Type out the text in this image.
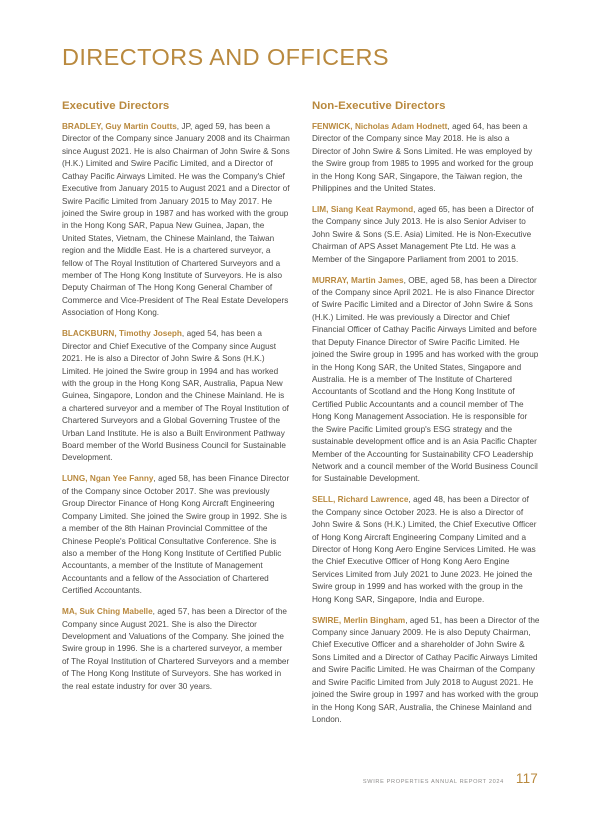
DIRECTORS AND OFFICERS
Executive Directors

BRADLEY, Guy Martin Coutts, JP, aged 59, has been a Director of the Company since January 2008 and its Chairman since August 2021. He is also Chairman of John Swire & Sons (H.K.) Limited and Swire Pacific Limited, and a Director of Cathay Pacific Airways Limited. He was the Company's Chief Executive from January 2015 to August 2021 and a Director of Swire Pacific Limited from January 2015 to May 2017. He joined the Swire group in 1987 and has worked with the group in the Hong Kong SAR, Papua New Guinea, Japan, the United States, Vietnam, the Chinese Mainland, the Taiwan region and the Middle East. He is a chartered surveyor, a fellow of The Royal Institution of Chartered Surveyors and a member of The Hong Kong Institute of Surveyors. He is also Deputy Chairman of The Hong Kong General Chamber of Commerce and Vice-President of The Real Estate Developers Association of Hong Kong.

BLACKBURN, Timothy Joseph, aged 54, has been a Director and Chief Executive of the Company since August 2021. He is also a Director of John Swire & Sons (H.K.) Limited. He joined the Swire group in 1994 and has worked with the group in the Hong Kong SAR, Australia, Papua New Guinea, Singapore, London and the Chinese Mainland. He is a chartered surveyor and a member of The Royal Institution of Chartered Surveyors and a Global Governing Trustee of the Urban Land Institute. He is also a Built Environment Pathway Board member of the World Business Council for Sustainable Development.

LUNG, Ngan Yee Fanny, aged 58, has been Finance Director of the Company since October 2017. She was previously Group Director Finance of Hong Kong Aircraft Engineering Company Limited. She joined the Swire group in 1992. She is a member of the 8th Hainan Provincial Committee of the Chinese People's Political Consultative Conference. She is also a member of the Hong Kong Institute of Certified Public Accountants, a member of the Institute of Management Accountants and a fellow of the Association of Chartered Certified Accountants.

MA, Suk Ching Mabelle, aged 57, has been a Director of the Company since August 2021. She is also the Director Development and Valuations of the Company. She joined the Swire group in 1996. She is a chartered surveyor, a member of The Royal Institution of Chartered Surveyors and a member of The Hong Kong Institute of Surveyors. She has worked in the real estate industry for over 30 years.

Non-Executive Directors

FENWICK, Nicholas Adam Hodnett, aged 64, has been a Director of the Company since May 2018. He is also a Director of John Swire & Sons Limited. He was employed by the Swire group from 1985 to 1995 and worked for the group in the Hong Kong SAR, Singapore, the Taiwan region, the Philippines and the United States.

LIM, Siang Keat Raymond, aged 65, has been a Director of the Company since July 2013. He is also Senior Adviser to John Swire & Sons (S.E. Asia) Limited. He is Non-Executive Chairman of APS Asset Management Pte Ltd. He was a Member of the Singapore Parliament from 2001 to 2015.

MURRAY, Martin James, OBE, aged 58, has been a Director of the Company since April 2021. He is also Finance Director of Swire Pacific Limited and a Director of John Swire & Sons (H.K.) Limited. He was previously a Director and Chief Financial Officer of Cathay Pacific Airways Limited and before that Deputy Finance Director of Swire Pacific Limited. He joined the Swire group in 1995 and has worked with the group in the Hong Kong SAR, the United States, Singapore and Australia. He is a member of The Institute of Chartered Accountants of Scotland and the Hong Kong Institute of Certified Public Accountants and a council member of The Hong Kong Management Association. He is responsible for the Swire Pacific Limited group's ESG strategy and the sustainable development office and is an Asia Pacific Chapter Member of the Accounting for Sustainability CFO Leadership Network and a council member of the World Business Council for Sustainable Development.

SELL, Richard Lawrence, aged 48, has been a Director of the Company since October 2023. He is also a Director of John Swire & Sons (H.K.) Limited, the Chief Executive Officer of Hong Kong Aircraft Engineering Company Limited and a Director of Hong Kong Aero Engine Services Limited. He was the Chief Executive Officer of Hong Kong Aero Engine Services Limited from July 2021 to June 2023. He joined the Swire group in 1999 and has worked with the group in the Hong Kong SAR, Singapore, India and Europe.

SWIRE, Merlin Bingham, aged 51, has been a Director of the Company since January 2009. He is also Deputy Chairman, Chief Executive Officer and a shareholder of John Swire & Sons Limited and a Director of Cathay Pacific Airways Limited and Swire Pacific Limited. He was Chairman of the Company and Swire Pacific Limited from July 2018 to August 2021. He joined the Swire group in 1997 and has worked with the group in the Hong Kong SAR, Australia, the Chinese Mainland and London.

SWIRE PROPERTIES ANNUAL REPORT 2024 117
